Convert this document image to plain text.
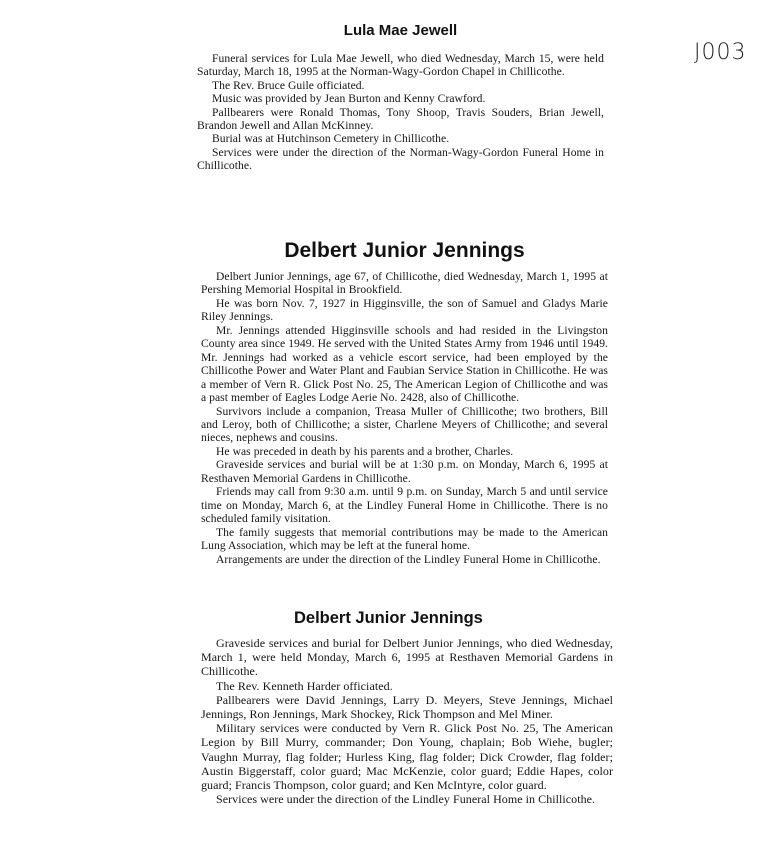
J003
Lula Mae Jewell

Funeral services for Lula Mae Jewell, who died Wednesday, March 15, were held Saturday, March 18, 1995 at the Norman-Wagy-Gordon Chapel in Chillicothe.

The Rev. Bruce Guile officiated.

Music was provided by Jean Burton and Kenny Crawford.

Pallbearers were Ronald Thomas, Tony Shoop, Travis Souders, Brian Jewell, Brandon Jewell and Allan McKinney.

Burial was at Hutchinson Cemetery in Chillicothe.

Services were under the direction of the Norman-Wagy-Gordon Funeral Home in Chillicothe.

Delbert Junior Jennings

Delbert Junior Jennings, age 67, of Chillicothe, died Wednesday, March 1, 1995 at Pershing Memorial Hospital in Brookfield.

He was born Nov. 7, 1927 in Higginsville, the son of Samuel and Gladys Marie Riley Jennings.

Mr. Jennings attended Higginsville schools and had resided in the Livingston County area since 1949. He served with the United States Army from 1946 until 1949. Mr. Jennings had worked as a vehicle escort service, had been employed by the Chillicothe Power and Water Plant and Faubian Service Station in Chillicothe. He was a member of Vern R. Glick Post No. 25, The American Legion of Chillicothe and was a past member of Eagles Lodge Aerie No. 2428, also of Chillicothe.

Survivors include a companion, Treasa Muller of Chillicothe; two brothers, Bill and Leroy, both of Chillicothe; a sister, Charlene Meyers of Chillicothe; and several nieces, nephews and cousins.

He was preceded in death by his parents and a brother, Charles.

Graveside services and burial will be at 1:30 p.m. on Monday, March 6, 1995 at Resthaven Memorial Gardens in Chillicothe.

Friends may call from 9:30 a.m. until 9 p.m. on Sunday, March 5 and until service time on Monday, March 6, at the Lindley Funeral Home in Chillicothe. There is no scheduled family visitation.

The family suggests that memorial contributions may be made to the American Lung Association, which may be left at the funeral home.

Arrangements are under the direction of the Lindley Funeral Home in Chillicothe.

Delbert Junior Jennings

Graveside services and burial for Delbert Junior Jennings, who died Wednesday, March 1, were held Monday, March 6, 1995 at Resthaven Memorial Gardens in Chillicothe.

The Rev. Kenneth Harder officiated.

Pallbearers were David Jennings, Larry D. Meyers, Steve Jennings, Michael Jennings, Ron Jennings, Mark Shockey, Rick Thompson and Mel Miner.

Military services were conducted by Vern R. Glick Post No. 25, The American Legion by Bill Murry, commander; Don Young, chaplain; Bob Wiehe, bugler; Vaughn Murray, flag folder; Hurless King, flag folder; Dick Crowder, flag folder; Austin Biggerstaff, color guard; Mac McKenzie, color guard; Eddie Hapes, color guard; Francis Thompson, color guard; and Ken McIntyre, color guard.

Services were under the direction of the Lindley Funeral Home in Chillicothe.
